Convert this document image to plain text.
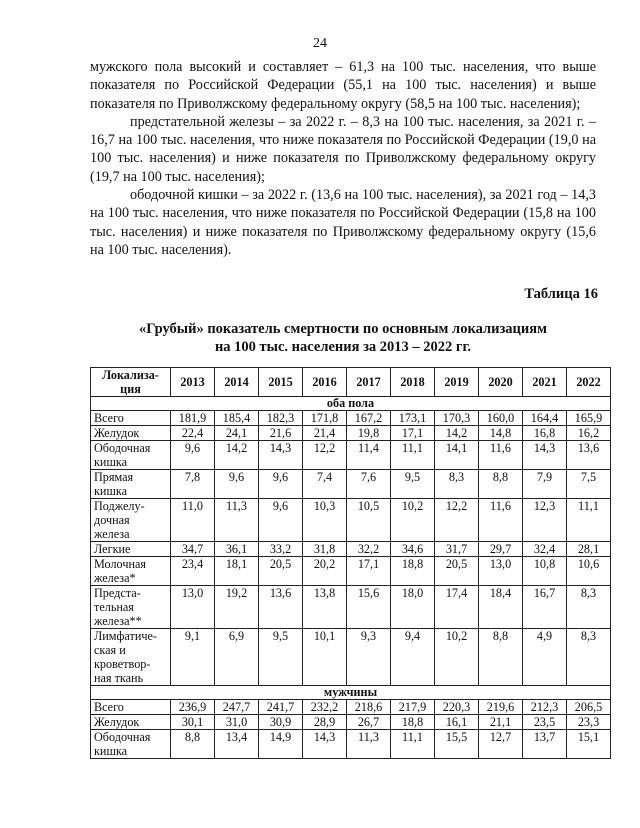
24

мужского пола высокий и составляет – 61,3 на 100 тыс. населения, что выше показателя по Российской Федерации (55,1 на 100 тыс. населения) и выше показателя по Приволжскому федеральному округу (58,5 на 100 тыс. населения);

предстательной железы – за 2022 г. – 8,3 на 100 тыс. населения, за 2021 г. – 16,7 на 100 тыс. населения, что ниже показателя по Российской Федерации (19,0 на 100 тыс. населения) и ниже показателя по Приволжскому федеральному округу (19,7 на 100 тыс. населения);

ободочной кишки – за 2022 г. (13,6 на 100 тыс. населения), за 2021 год – 14,3 на 100 тыс. населения, что ниже показателя по Российской Федерации (15,8 на 100 тыс. населения) и ниже показателя по Приволжскому федеральному округу (15,6 на 100 тыс. населения).

Таблица 16
«Грубый» показатель смертности по основным локализациям
на 100 тыс. населения за 2013 – 2022 гг.
Локализа-ция	2013	2014	2015	2016	2017	2018	2019	2020	2021	2022
оба пола										
Всего	181,9	185,4	182,3	171,8	167,2	173,1	170,3	160,0	164,4	165,9
Желудок	22,4	24,1	21,6	21,4	19,8	17,1	14,2	14,8	16,8	16,2
Ободочная кишка	9,6	14,2	14,3	12,2	11,4	11,1	14,1	11,6	14,3	13,6
Прямая кишка	7,8	9,6	9,6	7,4	7,6	9,5	8,3	8,8	7,9	7,5
Поджелу-дочная железа	11,0	11,3	9,6	10,3	10,5	10,2	12,2	11,6	12,3	11,1
Легкие	34,7	36,1	33,2	31,8	32,2	34,6	31,7	29,7	32,4	28,1
Молочная железа*	23,4	18,1	20,5	20,2	17,1	18,8	20,5	13,0	10,8	10,6
Предста-тельная железа**	13,0	19,2	13,6	13,8	15,6	18,0	17,4	18,4	16,7	8,3
Лимфатиче-ская и кроветвор-ная ткань	9,1	6,9	9,5	10,1	9,3	9,4	10,2	8,8	4,9	8,3
мужчины										
Всего	236,9	247,7	241,7	232,2	218,6	217,9	220,3	219,6	212,3	206,5
Желудок	30,1	31,0	30,9	28,9	26,7	18,8	16,1	21,1	23,5	23,3
Ободочная кишка	8,8	13,4	14,9	14,3	11,3	11,1	15,5	12,7	13,7	15,1
